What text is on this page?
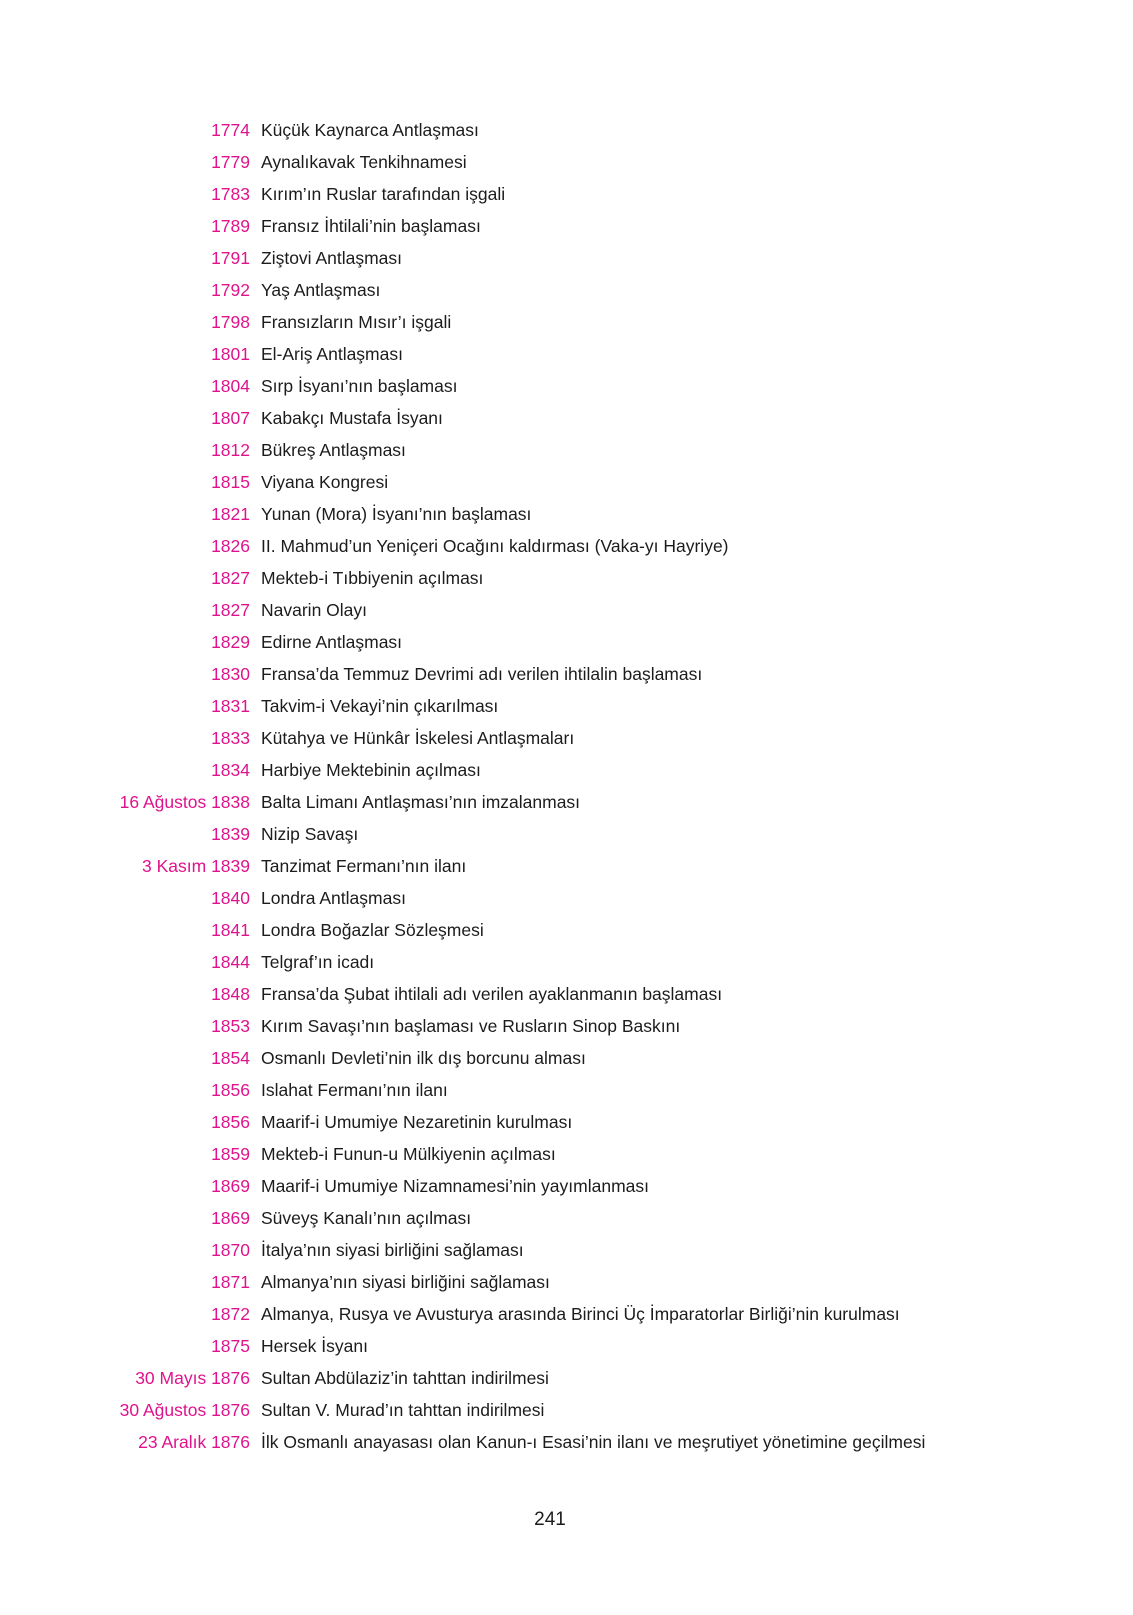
1774 Küçük Kaynarca Antlaşması
1779 Aynalıkavak Tenkihnamesi
1783 Kırım’ın Ruslar tarafından işgali
1789 Fransız İhtilali’nin başlaması
1791 Ziştovi Antlaşması
1792 Yaş Antlaşması
1798 Fransızların Mısır’ı işgali
1801 El-Ariş Antlaşması
1804 Sırp İsyanı’nın başlaması
1807 Kabakçı Mustafa İsyanı
1812 Bükreş Antlaşması
1815 Viyana Kongresi
1821 Yunan (Mora) İsyanı’nın başlaması
1826 II. Mahmud’un Yeniçeri Ocağını kaldırması (Vaka-yı Hayriye)
1827 Mekteb-i Tıbbiyenin açılması
1827 Navarin Olayı
1829 Edirne Antlaşması
1830 Fransa’da Temmuz Devrimi adı verilen ihtilalin başlaması
1831 Takvim-i Vekayi’nin çıkarılması
1833 Kütahya ve Hünkâr İskelesi Antlaşmaları
1834 Harbiye Mektebinin açılması
16 Ağustos 1838 Balta Limanı Antlaşması’nın imzalanması
1839 Nizip Savaşı
3 Kasım 1839 Tanzimat Fermanı’nın ilanı
1840 Londra Antlaşması
1841 Londra Boğazlar Sözleşmesi
1844 Telgraf’ın icadı
1848 Fransa’da Şubat ihtilali adı verilen ayaklanmanın başlaması
1853 Kırım Savaşı’nın başlaması ve Rusların Sinop Baskını
1854 Osmanlı Devleti’nin ilk dış borcunu alması
1856 Islahat Fermanı’nın ilanı
1856 Maarif-i Umumiye Nezaretinin kurulması
1859 Mekteb-i Funun-u Mülkiyenin açılması
1869 Maarif-i Umumiye Nizamnamesi’nin yayımlanması
1869 Süveyş Kanalı’nın açılması
1870 İtalya’nın siyasi birliğini sağlaması
1871 Almanya’nın siyasi birliğini sağlaması
1872 Almanya, Rusya ve Avusturya arasında Birinci Üç İmparatorlar Birliği’nin kurulması
1875 Hersek İsyanı
30 Mayıs 1876 Sultan Abdülaziz’in tahttan indirilmesi
30 Ağustos 1876 Sultan V. Murad’ın tahttan indirilmesi
23 Aralık 1876 İlk Osmanlı anayasası olan Kanun-ı Esasi’nin ilanı ve meşrutiyet yönetimine geçilmesi
241
